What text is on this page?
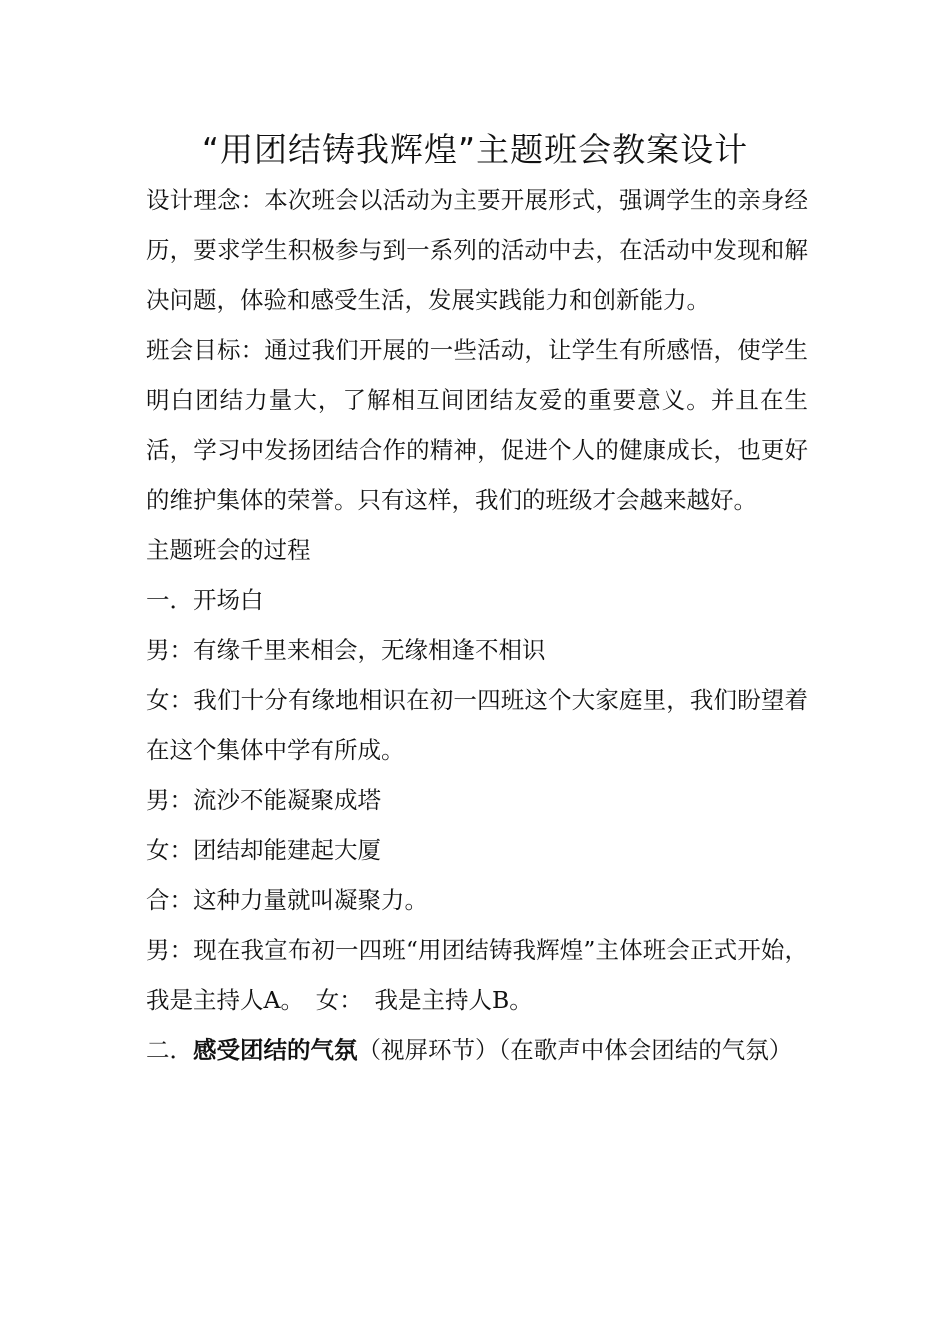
“用团结铸我辉煌”主题班会教案设计

设计理念：本次班会以活动为主要开展形式，强调学生的亲身经历，要求学生积极参与到一系列的活动中去，在活动中发现和解决问题，体验和感受生活，发展实践能力和创新能力。

班会目标：通过我们开展的一些活动，让学生有所感悟，使学生明白团结力量大，了解相互间团结友爱的重要意义。并且在生活，学习中发扬团结合作的精神，促进个人的健康成长，也更好的维护集体的荣誉。只有这样，我们的班级才会越来越好。

主题班会的过程

一．开场白

男：有缘千里来相会，无缘相逢不相识

女：我们十分有缘地相识在初一四班这个大家庭里，我们盼望着在这个集体中学有所成。

男：流沙不能凝聚成塔

女：团结却能建起大厦

合：这种力量就叫凝聚力。

男：现在我宣布初一四班“用团结铸我辉煌”主体班会正式开始，我是主持人A。　女：　我是主持人B。

二．感受团结的气氛（视屏环节）（在歌声中体会团结的气氛）
